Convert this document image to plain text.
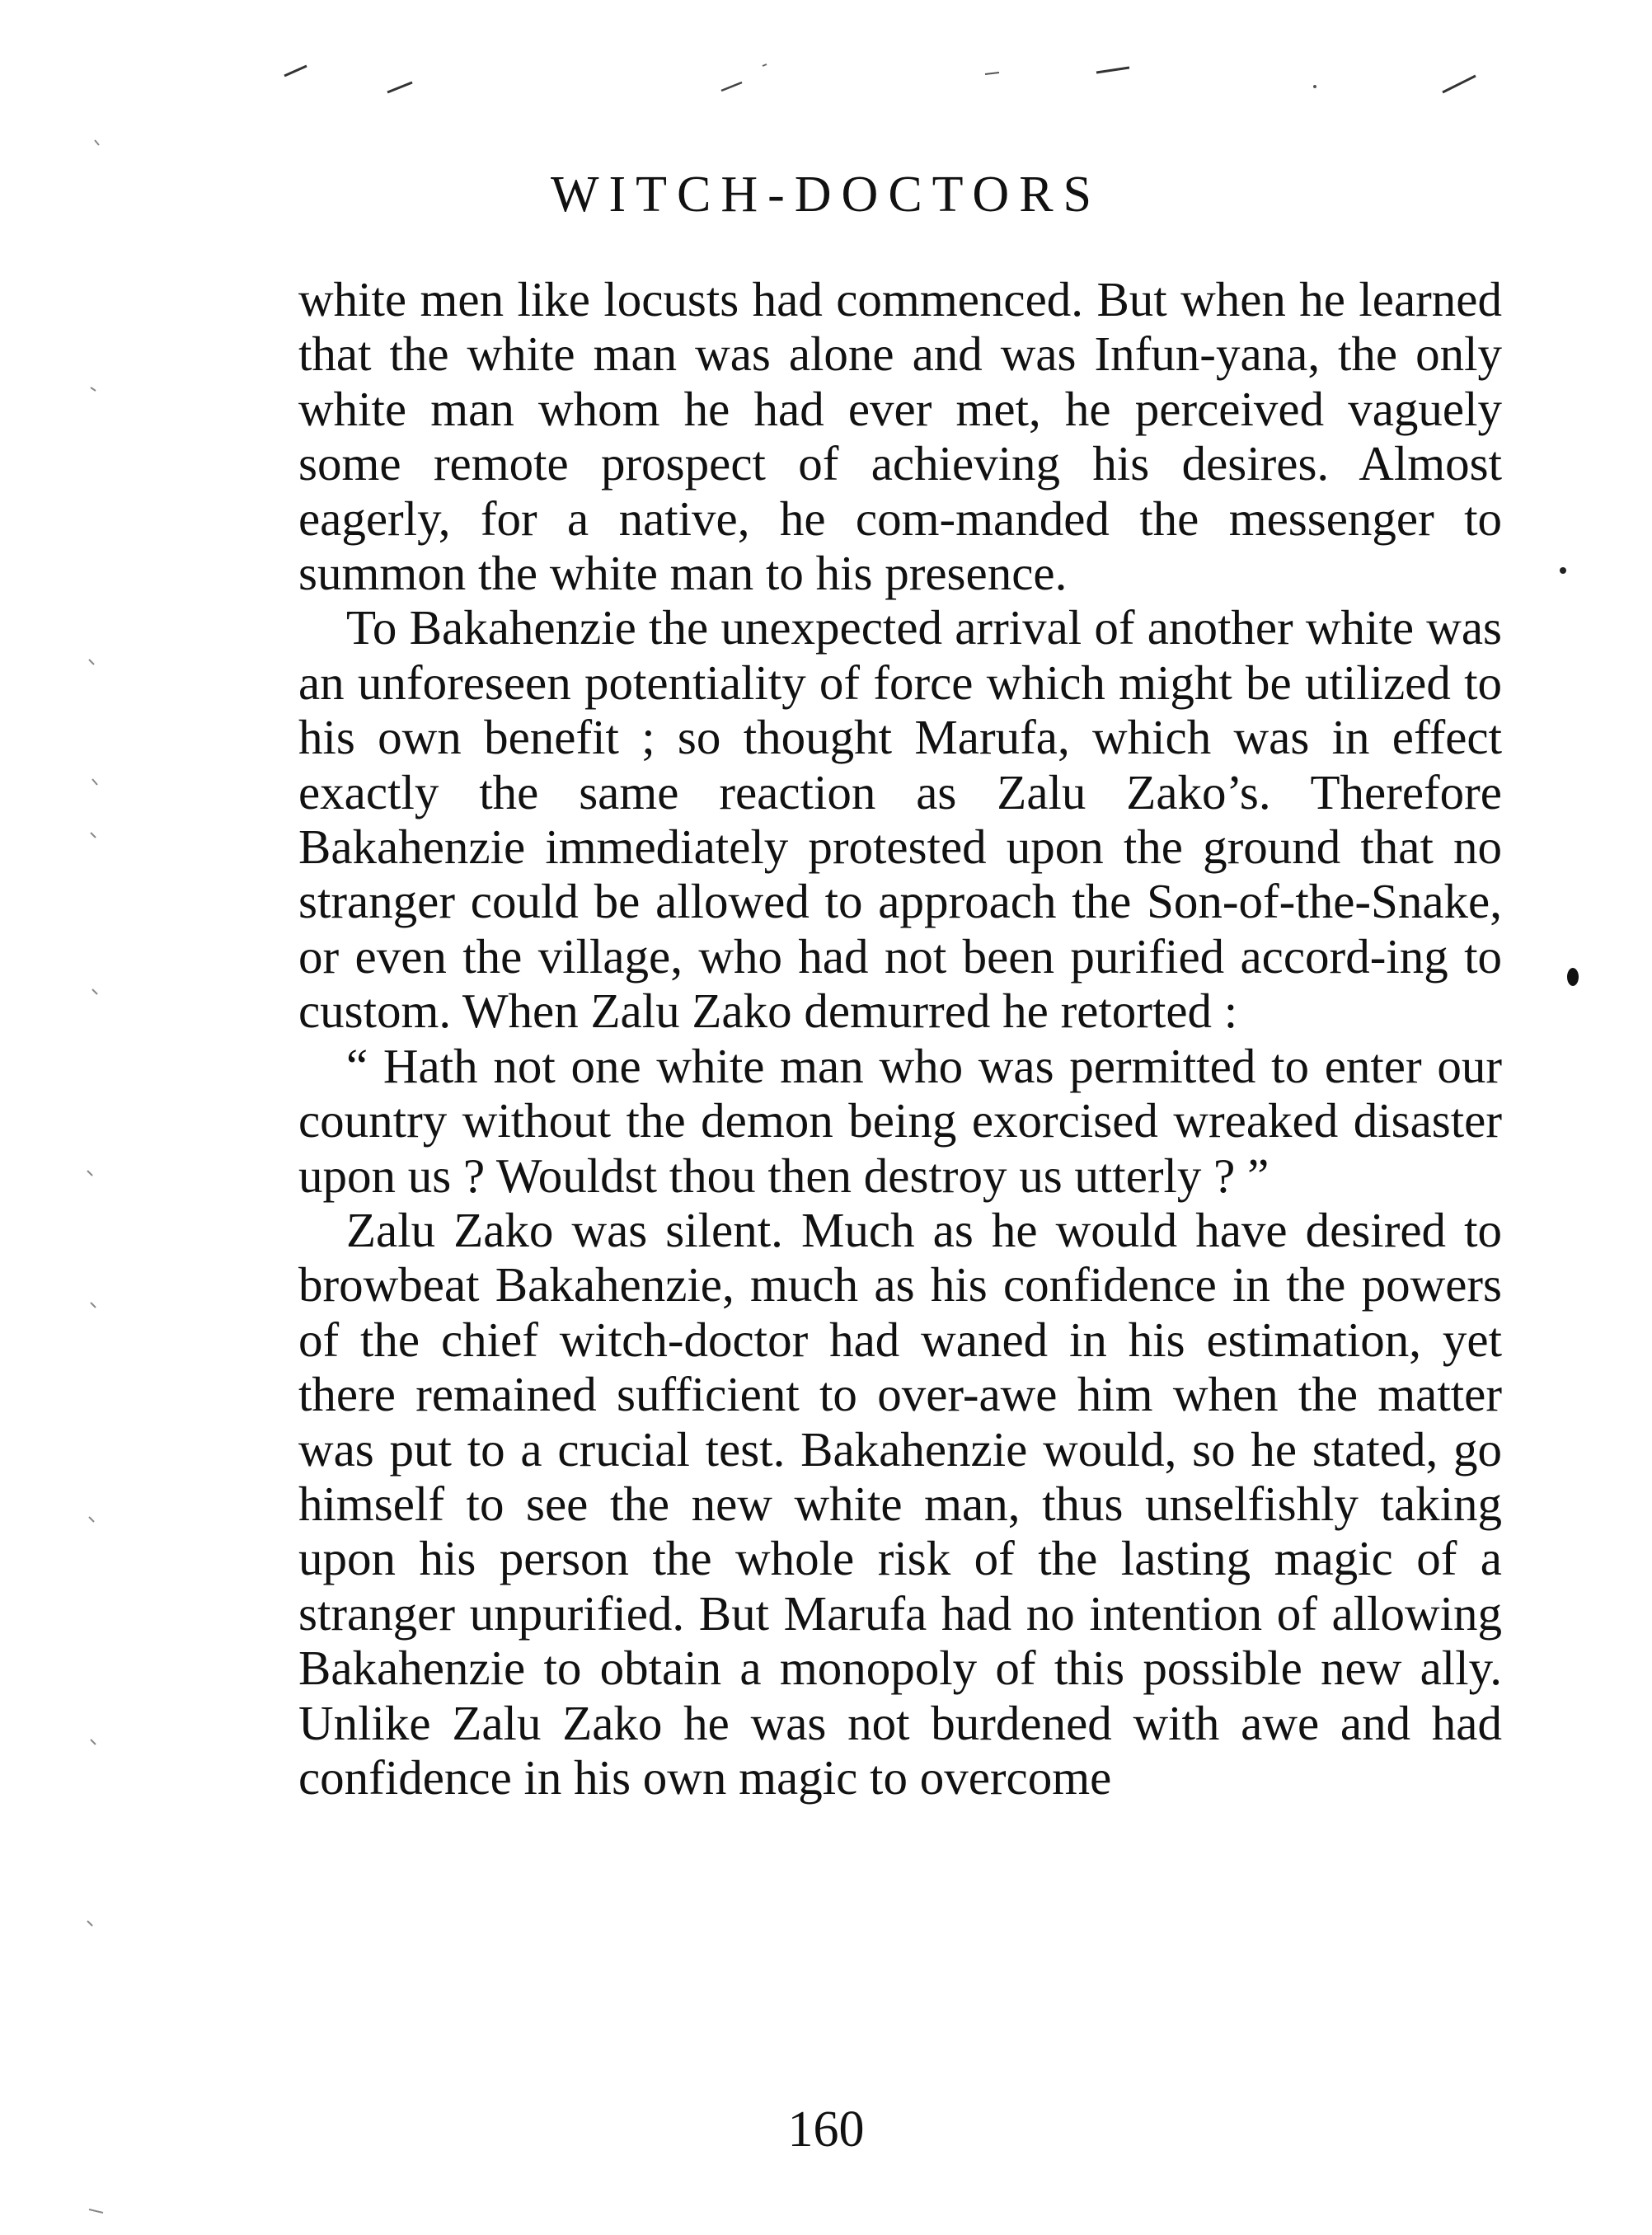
WITCH-DOCTORS

white men like locusts had commenced. But when he learned that the white man was alone and was Infun-yana, the only white man whom he had ever met, he perceived vaguely some remote prospect of achieving his desires. Almost eagerly, for a native, he com-manded the messenger to summon the white man to his presence.

To Bakahenzie the unexpected arrival of another white was an unforeseen potentiality of force which might be utilized to his own benefit ; so thought Marufa, which was in effect exactly the same reaction as Zalu Zako’s. Therefore Bakahenzie immediately protested upon the ground that no stranger could be allowed to approach the Son-of-the-Snake, or even the village, who had not been purified accord-ing to custom. When Zalu Zako demurred he retorted :

“ Hath not one white man who was permitted to enter our country without the demon being exorcised wreaked disaster upon us ? Wouldst thou then destroy us utterly ? ”

Zalu Zako was silent. Much as he would have desired to browbeat Bakahenzie, much as his confidence in the powers of the chief witch-doctor had waned in his estimation, yet there remained sufficient to over-awe him when the matter was put to a crucial test. Bakahenzie would, so he stated, go himself to see the new white man, thus unselfishly taking upon his person the whole risk of the lasting magic of a stranger unpurified. But Marufa had no intention of allowing Bakahenzie to obtain a monopoly of this possible new ally. Unlike Zalu Zako he was not burdened with awe and had confidence in his own magic to overcome

160
